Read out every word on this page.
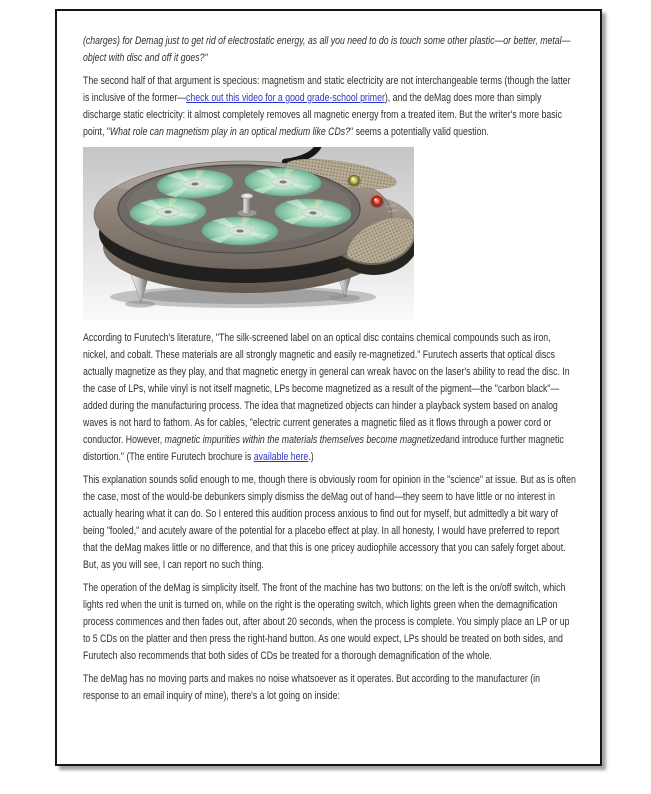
(charges) for Demag just to get rid of electrostatic energy, as all you need to do is touch some other plastic—or better, metal—object with disc and off it goes?"

The second half of that argument is specious: magnetism and static electricity are not interchangeable terms (though the latter is inclusive of the former—check out this video for a good grade-school primer), and the deMag does more than simply discharge static electricity: it almost completely removes all magnetic energy from a treated item. But the writer's more basic point, "What role can magnetism play in an optical medium like CDs?" seems a potentially valid question.

According to Furutech's literature, "The silk-screened label on an optical disc contains chemical compounds such as iron, nickel, and cobalt. These materials are all strongly magnetic and easily re-magnetized." Furutech asserts that optical discs actually magnetize as they play, and that magnetic energy in general can wreak havoc on the laser's ability to read the disc. In the case of LPs, while vinyl is not itself magnetic, LPs become magnetized as a result of the pigment—the "carbon black"—added during the manufacturing process. The idea that magnetized objects can hinder a playback system based on analog waves is not hard to fathom. As for cables, "electric current generates a magnetic filed as it flows through a power cord or conductor. However, magnetic impurities within the materials themselves become magnetizedand introduce further magnetic distortion." (The entire Furutech brochure is available here.)

This explanation sounds solid enough to me, though there is obviously room for opinion in the "science" at issue. But as is often the case, most of the would-be debunkers simply dismiss the deMag out of hand—they seem to have little or no interest in actually hearing what it can do. So I entered this audition process anxious to find out for myself, but admittedly a bit wary of being "fooled," and acutely aware of the potential for a placebo effect at play. In all honesty, I would have preferred to report that the deMag makes little or no difference, and that this is one pricey audiophile accessory that you can safely forget about. But, as you will see, I can report no such thing.

The operation of the deMag is simplicity itself. The front of the machine has two buttons: on the left is the on/off switch, which lights red when the unit is turned on, while on the right is the operating switch, which lights green when the demagnification process commences and then fades out, after about 20 seconds, when the process is complete. You simply place an LP or up to 5 CDs on the platter and then press the right-hand button. As one would expect, LPs should be treated on both sides, and Furutech also recommends that both sides of CDs be treated for a thorough demagnification of the whole.

The deMag has no moving parts and makes no noise whatsoever as it operates. But according to the manufacturer (in response to an email inquiry of mine), there's a lot going on inside:
